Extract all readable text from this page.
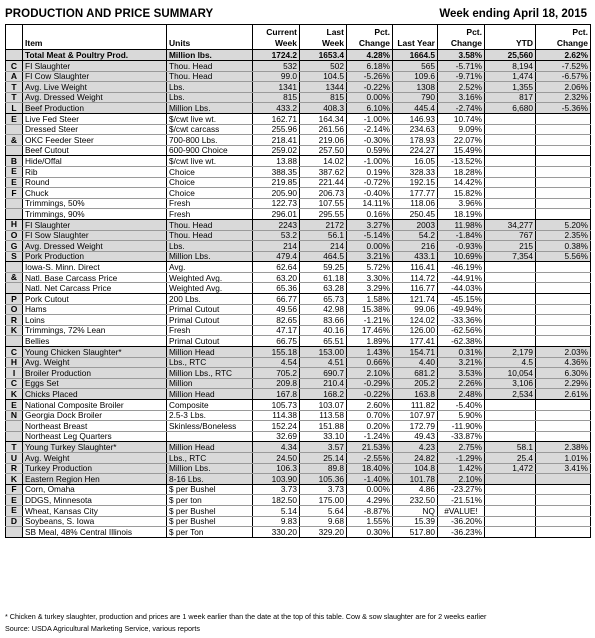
PRODUCTION AND PRICE SUMMARY	Week ending April 18, 2015
			Current	Last	Pct.		Pct.		Pct.
	Item	Units	Week	Week	Change	Last Year	Change	YTD	Change
	Total Meat & Poultry Prod.	Million lbs.	1724.2	1653.4	4.28%	1664.5	3.58%	25,560	2.62%
C	FI Slaughter	Thou. Head	532	502	6.18%	565	-5.71%	8,194	-7.52%
A	FI Cow Slaughter	Thou. Head	99.0	104.5	-5.26%	109.6	-9.71%	1,474	-6.57%
T	Avg. Live Weight	Lbs.	1341	1344	-0.22%	1308	2.52%	1,355	2.06%
T	Avg. Dressed Weight	Lbs.	815	815	0.00%	790	3.16%	817	2.32%
L	Beef Production	Million Lbs.	433.2	408.3	6.10%	445.4	-2.74%	6,680	-5.36%
E	Live Fed Steer	$/cwt live wt.	162.71	164.34	-1.00%	146.93	10.74%		
	Dressed Steer	$/cwt carcass	255.96	261.56	-2.14%	234.63	9.09%		
&	OKC Feeder Steer	700-800 Lbs.	218.41	219.06	-0.30%	178.93	22.07%		
	Beef Cutout	600-900 Choice	259.02	257.50	0.59%	224.27	15.49%		
B	Hide/Offal	$/cwt live wt.	13.88	14.02	-1.00%	16.05	-13.52%		
E	Rib	Choice	388.35	387.62	0.19%	328.33	18.28%		
E	Round	Choice	219.85	221.44	-0.72%	192.15	14.42%		
F	Chuck	Choice	205.90	206.73	-0.40%	177.77	15.82%		
	Trimmings, 50%	Fresh	122.73	107.55	14.11%	118.06	3.96%		
	Trimmings, 90%	Fresh	296.01	295.55	0.16%	250.45	18.19%		
H	FI Slaughter	Thou. Head	2243	2172	3.27%	2003	11.98%	34,277	5.20%
O	FI Sow Slaughter	Thou. Head	53.2	56.1	-5.14%	54.2	-1.84%	767	2.35%
G	Avg. Dressed Weight	Lbs.	214	214	0.00%	216	-0.93%	215	0.38%
S	Pork Production	Million Lbs.	479.4	464.5	3.21%	433.1	10.69%	7,354	5.56%
	Iowa-S. Minn. Direct	Avg.	62.64	59.25	5.72%	116.41	-46.19%		
&	Natl. Base Carcass Price	Weighted Avg.	63.20	61.18	3.30%	114.72	-44.91%		
	Natl. Net Carcass Price	Weighted Avg.	65.36	63.28	3.29%	116.77	-44.03%		
P	Pork Cutout	200 Lbs.	66.77	65.73	1.58%	121.74	-45.15%		
O	Hams	Primal Cutout	49.56	42.98	15.38%	99.06	-49.94%		
R	Loins	Primal Cutout	82.65	83.66	-1.21%	124.02	-33.36%		
K	Trimmings, 72% Lean	Fresh	47.17	40.16	17.46%	126.00	-62.56%		
	Bellies	Primal Cutout	66.75	65.51	1.89%	177.41	-62.38%		
C	Young Chicken Slaughter*	Million Head	155.18	153.00	1.43%	154.71	0.31%	2,179	2.03%
H	Avg. Weight	Lbs., RTC	4.54	4.51	0.66%	4.40	3.21%	4.5	4.36%
I	Broiler Production	Million Lbs., RTC	705.2	690.7	2.10%	681.2	3.53%	10,054	6.30%
C	Eggs Set	Million	209.8	210.4	-0.29%	205.2	2.26%	3,106	2.29%
K	Chicks Placed	Million Head	167.8	168.2	-0.22%	163.8	2.48%	2,534	2.61%
E	National Composite Broiler	Composite	105.73	103.07	2.60%	111.82	-5.40%		
N	Georgia Dock Broiler	2.5-3 Lbs.	114.38	113.58	0.70%	107.97	5.90%		
	Northeast Breast	Skinless/Boneless	152.24	151.88	0.20%	172.79	-11.90%		
	Northeast Leg Quarters		32.69	33.10	-1.24%	49.43	-33.87%		
T	Young Turkey Slaughter*	Million Head	4.34	3.57	21.53%	4.23	2.75%	58.1	2.38%
U	Avg. Weight	Lbs., RTC	24.50	25.14	-2.55%	24.82	-1.29%	25.4	1.01%
R	Turkey Production	Million Lbs.	106.3	89.8	18.40%	104.8	1.42%	1,472	3.41%
K	Eastern Region Hen	8-16 Lbs.	103.90	105.36	-1.40%	101.78	2.10%		
F	Corn, Omaha	$ per Bushel	3.73	3.73	0.00%	4.86	-23.27%		
E	DDGS, Minnesota	$ per ton	182.50	175.00	4.29%	232.50	-21.51%		
E	Wheat, Kansas City	$ per Bushel	5.14	5.64	-8.87%	NQ	#VALUE!		
D	Soybeans, S. Iowa	$ per Bushel	9.83	9.68	1.55%	15.39	-36.20%		
	SB Meal, 48% Central Illinois	$ per Ton	330.20	329.20	0.30%	517.80	-36.23%		
* Chicken & turkey slaughter, production and prices are 1 week earlier than the date at the top of this table. Cow & sow slaughter are for 2 weeks earlier
Source: USDA Agricultural Marketing Service, various reports
